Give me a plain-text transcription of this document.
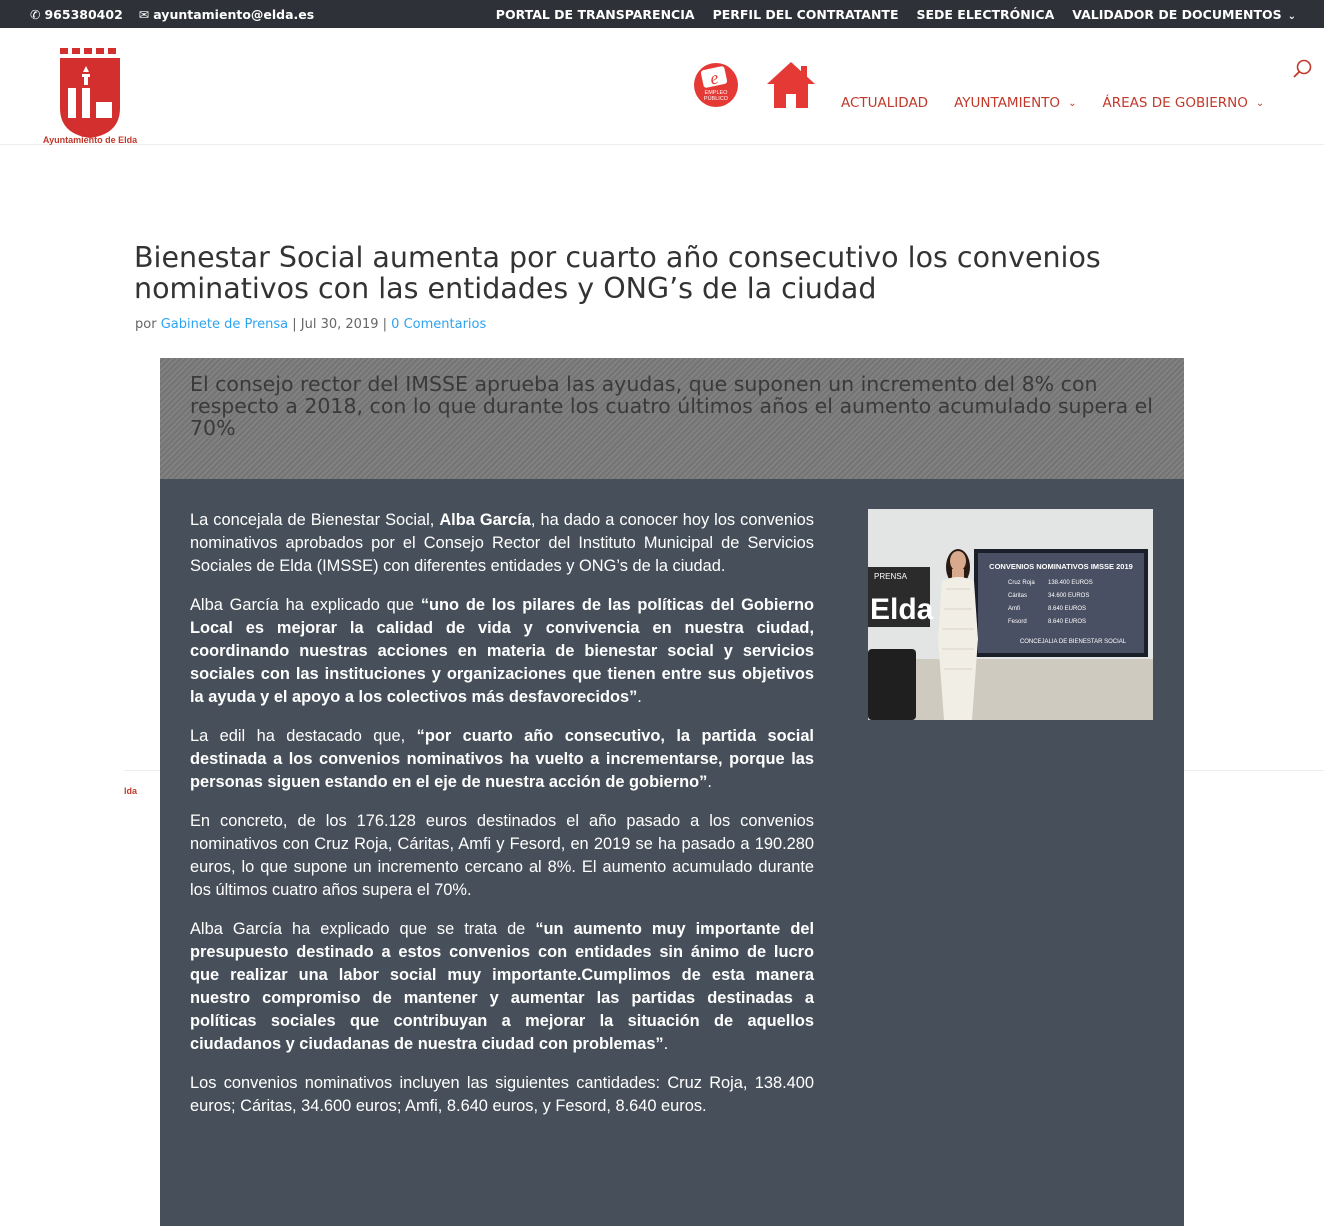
✆ 965380402 ✉ ayuntamiento@elda.es	PORTAL DE TRANSPARENCIA PERFIL DEL CONTRATANTE SEDE ELECTRÓNICA VALIDADOR DE DOCUMENTOS ⌄
Ayuntamiento de Elda
e
EMPLEO
PÚBLICO	ACTUALIDAD AYUNTAMIENTO ⌄ ÁREAS DE GOBIERNO ⌄
lda
Bienestar Social aumenta por cuarto año consecutivo los convenios nominativos con las entidades y ONG’s de la ciudad
por Gabinete de Prensa | Jul 30, 2019 | 0 Comentarios
El consejo rector del IMSSE aprueba las ayudas, que suponen un incremento del 8% con respecto a 2018, con lo que durante los cuatro últimos años el aumento acumulado supera el 70%

La concejala de Bienestar Social, Alba García, ha dado a conocer hoy los convenios nominativos aprobados por el Consejo Rector del Instituto Municipal de Servicios Sociales de Elda (IMSSE) con diferentes entidades y ONG’s de la ciudad.

Alba García ha explicado que “uno de los pilares de las políticas del Gobierno Local es mejorar la calidad de vida y convivencia en nuestra ciudad, coordinando nuestras acciones en materia de bienestar social y servicios sociales con las instituciones y organizaciones que tienen entre sus objetivos la ayuda y el apoyo a los colectivos más desfavorecidos”.

La edil ha destacado que, “por cuarto año consecutivo, la partida social destinada a los convenios nominativos ha vuelto a incrementarse, porque las personas siguen estando en el eje de nuestra acción de gobierno”.

En concreto, de los 176.128 euros destinados el año pasado a los convenios nominativos con Cruz Roja, Cáritas, Amfi y Fesord, en 2019 se ha pasado a 190.280 euros, lo que supone un incremento cercano al 8%. El aumento acumulado durante los últimos cuatro años supera el 70%.

Alba García ha explicado que se trata de “un aumento muy importante del presupuesto destinado a estos convenios con entidades sin ánimo de lucro que realizar una labor social muy importante.Cumplimos de esta manera nuestro compromiso de mantener y aumentar las partidas destinadas a políticas sociales que contribuyan a mejorar la situación de aquellos ciudadanos y ciudadanas de nuestra ciudad con problemas”.

Los convenios nominativos incluyen las siguientes cantidades: Cruz Roja, 138.400 euros; Cáritas, 34.600 euros; Amfi, 8.640 euros, y Fesord, 8.640 euros.

PRENSA
Elda
CONVENIOS NOMINATIVOS IMSSE 2019
Cruz Roja 138.400 EUROS
Cáritas	34.600 EUROS
Amfi	8.640 EUROS
Fesord	8.640 EUROS
CONCEJALIA DE BIENESTAR SOCIAL
